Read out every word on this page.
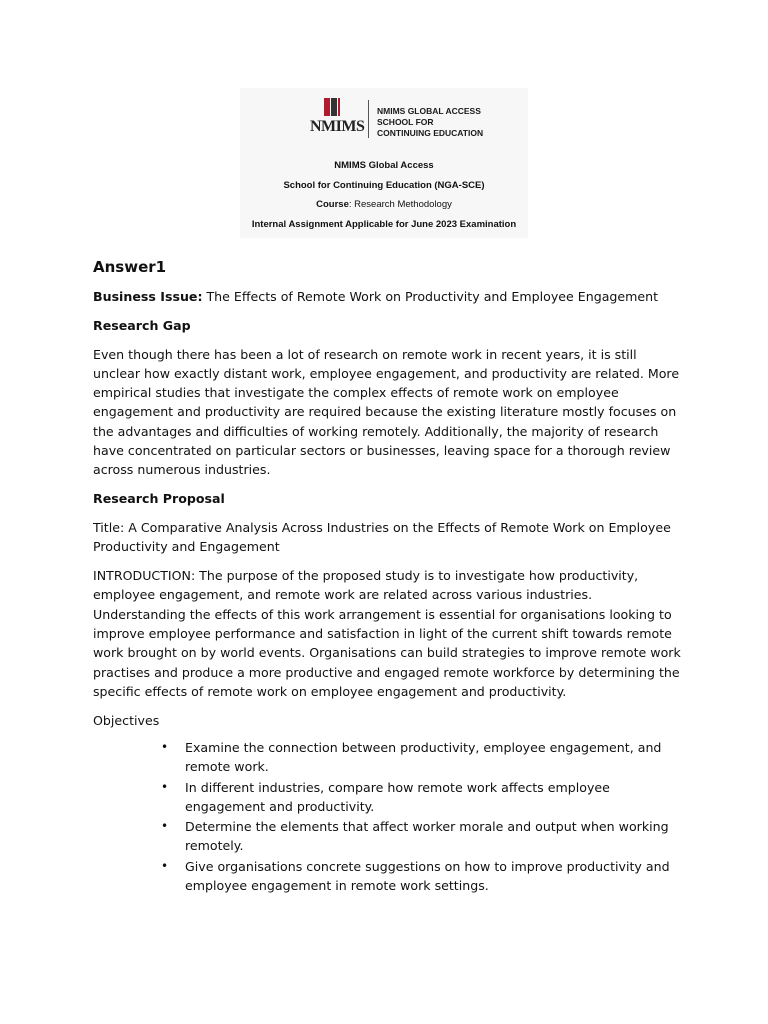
NMIMS
NMIMS GLOBAL ACCESS
SCHOOL FOR
CONTINUING EDUCATION
NMIMS Global Access
School for Continuing Education (NGA-SCE)
Course: Research Methodology
Internal Assignment Applicable for June 2023 Examination
Answer1

Business Issue: The Effects of Remote Work on Productivity and Employee Engagement

Research Gap

Even though there has been a lot of research on remote work in recent years, it is still unclear how exactly distant work, employee engagement, and productivity are related. More empirical studies that investigate the complex effects of remote work on employee engagement and productivity are required because the existing literature mostly focuses on the advantages and difficulties of working remotely. Additionally, the majority of research have concentrated on particular sectors or businesses, leaving space for a thorough review across numerous industries.

Research Proposal

Title: A Comparative Analysis Across Industries on the Effects of Remote Work on Employee Productivity and Engagement

INTRODUCTION: The purpose of the proposed study is to investigate how productivity, employee engagement, and remote work are related across various industries. Understanding the effects of this work arrangement is essential for organisations looking to improve employee performance and satisfaction in light of the current shift towards remote work brought on by world events. Organisations can build strategies to improve remote work practises and produce a more productive and engaged remote workforce by determining the specific effects of remote work on employee engagement and productivity.

Objectives

• Examine the connection between productivity, employee engagement, and remote work.
• In different industries, compare how remote work affects employee engagement and productivity.
• Determine the elements that affect worker morale and output when working remotely.
• Give organisations concrete suggestions on how to improve productivity and employee engagement in remote work settings.
